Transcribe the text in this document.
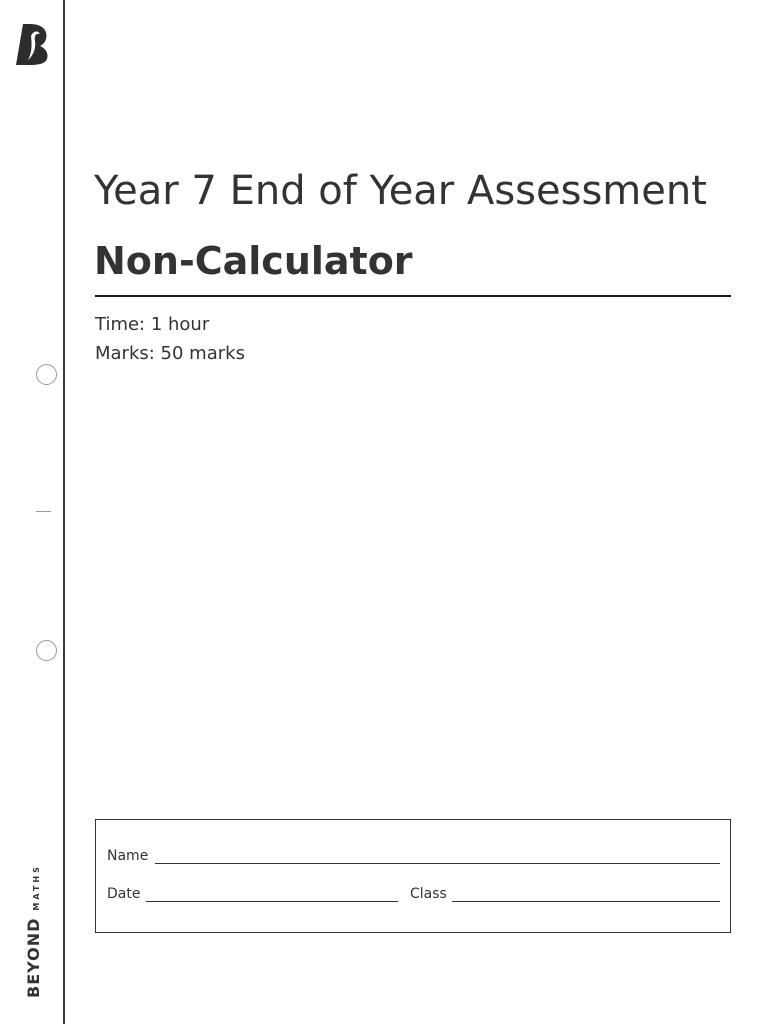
BEYOND
MATHS
Year 7 End of Year Assessment
Non-Calculator
Time: 1 hour
Marks: 50 marks
Name
Date	Class
